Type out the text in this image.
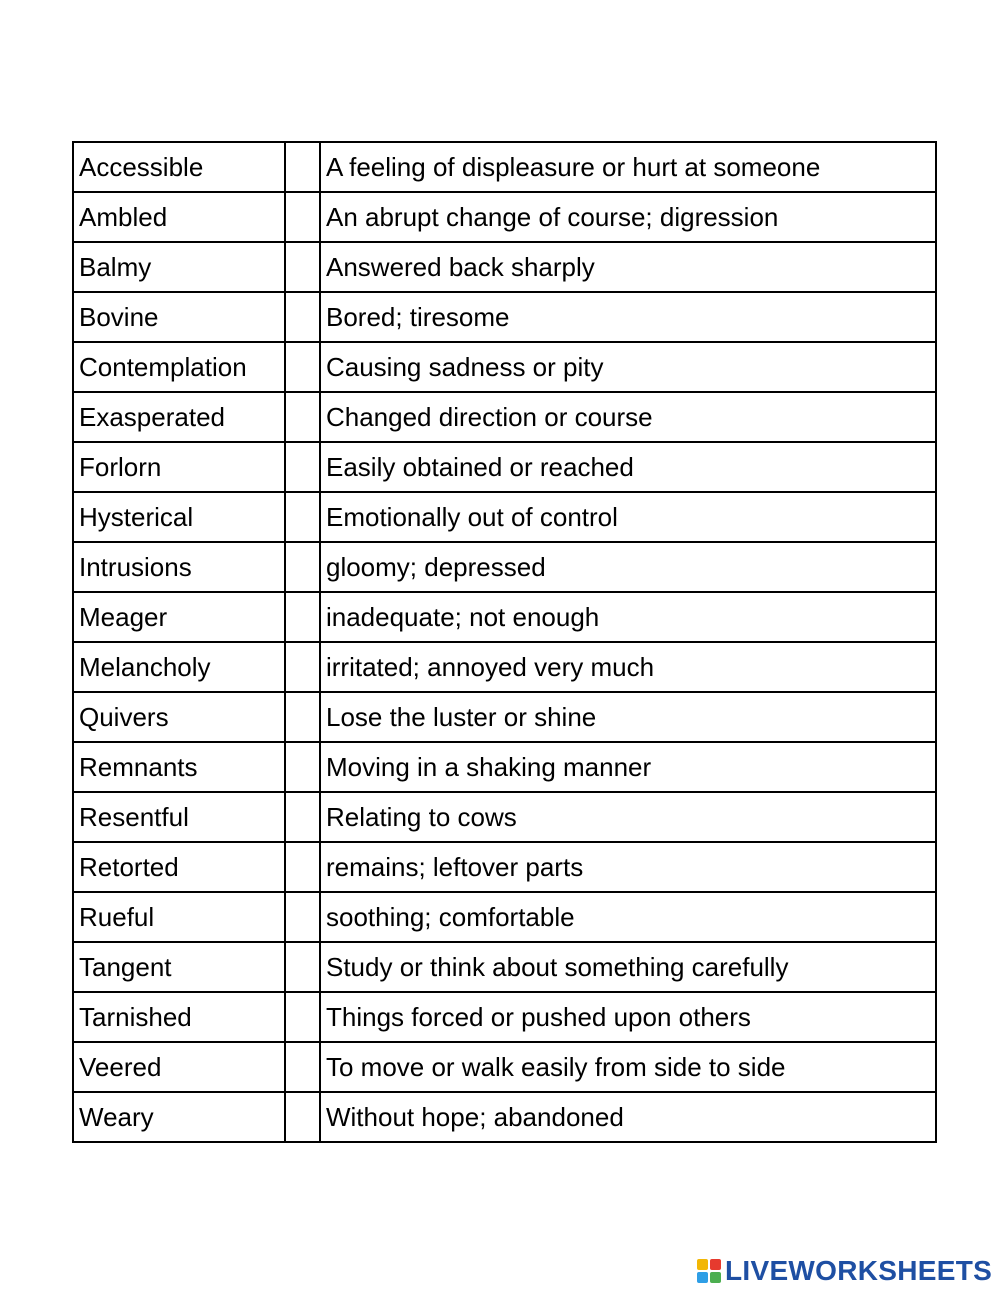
Accessible		A feeling of displeasure or hurt at someone
Ambled		An abrupt change of course; digression
Balmy		Answered back sharply
Bovine		Bored; tiresome
Contemplation		Causing sadness or pity
Exasperated		Changed direction or course
Forlorn		Easily obtained or reached
Hysterical		Emotionally out of control
Intrusions		gloomy; depressed
Meager		inadequate; not enough
Melancholy		irritated; annoyed very much
Quivers		Lose the luster or shine
Remnants		Moving in a shaking manner
Resentful		Relating to cows
Retorted		remains; leftover parts
Rueful		soothing; comfortable
Tangent		Study or think about something carefully
Tarnished		Things forced or pushed upon others
Veered		To move or walk easily from side to side
Weary		Without hope; abandoned
LIVEWORKSHEETS
